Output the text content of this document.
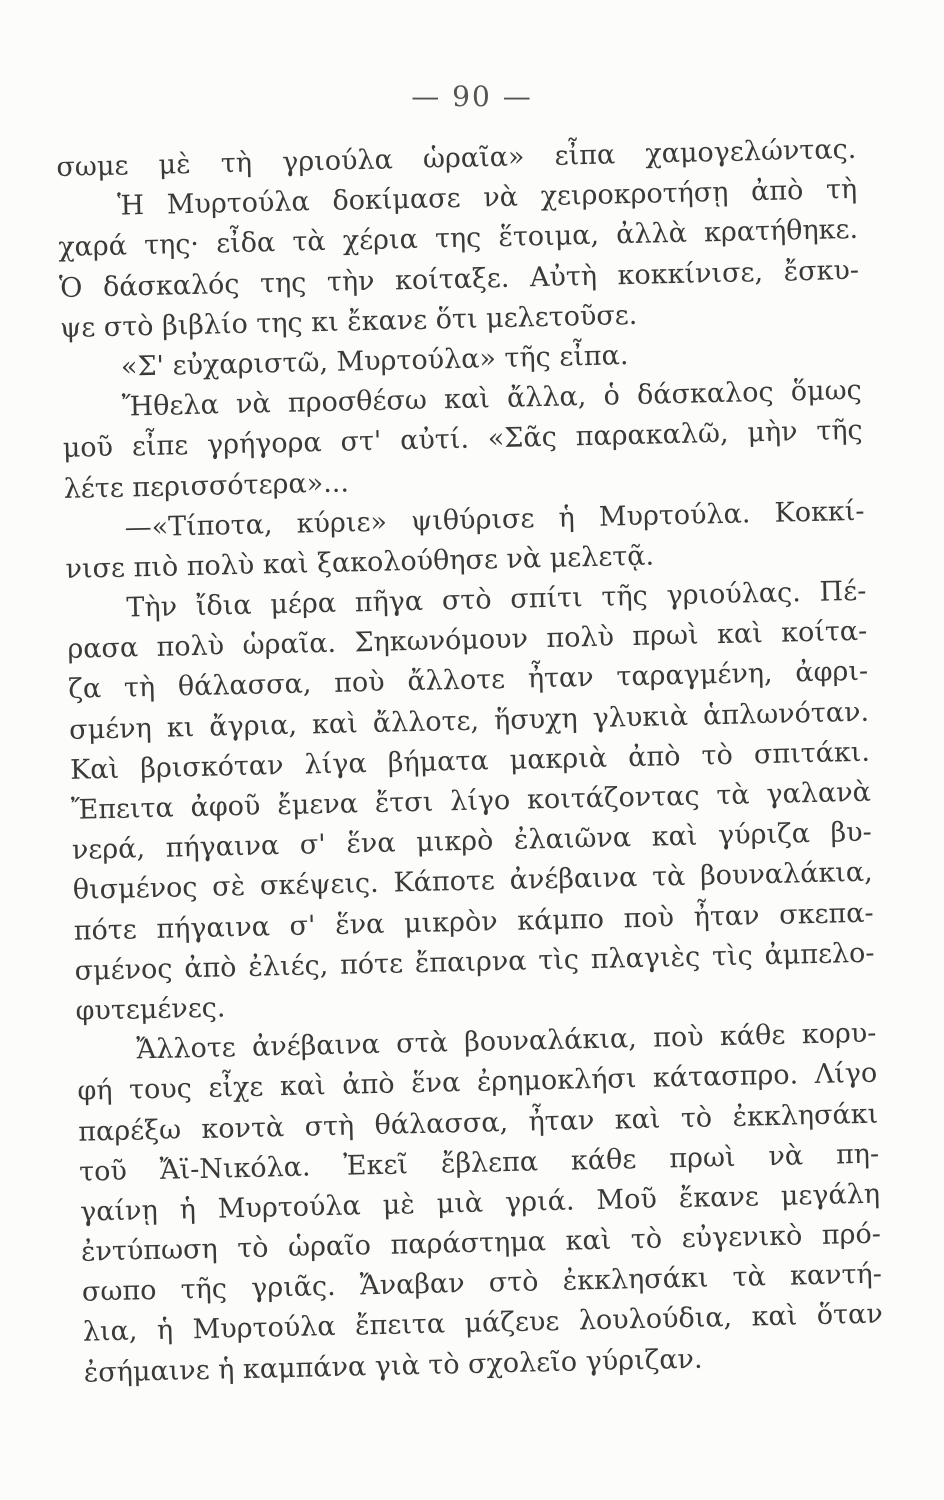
— 90 —
σωμε μὲ τὴ γριούλα ὡραῖα» εἶπα χαμογελώντας.
Ἡ Μυρτούλα δοκίμασε νὰ χειροκροτήσῃ ἀπὸ τὴ
χαρά της· εἶδα τὰ χέρια της ἕτοιμα, ἀλλὰ κρατήθηκε.
Ὁ δάσκαλός της τὴν κοίταξε. Αὐτὴ κοκκίνισε, ἔσκυ-
ψε στὸ βιβλίο της κι ἔκανε ὅτι μελετοῦσε.
«Σ' εὐχαριστῶ, Μυρτούλα» τῆς εἶπα.
Ἤθελα νὰ προσθέσω καὶ ἄλλα, ὁ δάσκαλος ὅμως
μοῦ εἶπε γρήγορα στ' αὐτί. «Σᾶς παρακαλῶ, μὴν τῆς
λέτε περισσότερα»...
—«Τίποτα, κύριε» ψιθύρισε ἡ Μυρτούλα. Κοκκί-
νισε πιὸ πολὺ καὶ ξακολούθησε νὰ μελετᾷ.
Τὴν ἴδια μέρα πῆγα στὸ σπίτι τῆς γριούλας. Πέ-
ρασα πολὺ ὡραῖα. Σηκωνόμουν πολὺ πρωὶ καὶ κοίτα-
ζα τὴ θάλασσα, ποὺ ἄλλοτε ἦταν ταραγμένη, ἀφρι-
σμένη κι ἄγρια, καὶ ἄλλοτε, ἥσυχη γλυκιὰ ἁπλωνόταν.
Καὶ βρισκόταν λίγα βήματα μακριὰ ἀπὸ τὸ σπιτάκι.
Ἔπειτα ἀφοῦ ἔμενα ἔτσι λίγο κοιτάζοντας τὰ γαλανὰ
νερά, πήγαινα σ' ἕνα μικρὸ ἐλαιῶνα καὶ γύριζα βυ-
θισμένος σὲ σκέψεις. Κάποτε ἀνέβαινα τὰ βουναλάκια,
πότε πήγαινα σ' ἕνα μικρὸν κάμπο ποὺ ἦταν σκεπα-
σμένος ἀπὸ ἐλιές, πότε ἔπαιρνα τὶς πλαγιὲς τὶς ἀμπελο-
φυτεμένες.
Ἄλλοτε ἀνέβαινα στὰ βουναλάκια, ποὺ κάθε κορυ-
φή τους εἶχε καὶ ἀπὸ ἕνα ἐρημοκλήσι κάτασπρο. Λίγο
παρέξω κοντὰ στὴ θάλασσα, ἦταν καὶ τὸ ἐκκλησάκι
τοῦ Ἄϊ-Νικόλα. Ἐκεῖ ἔβλεπα κάθε πρωὶ νὰ πη-
γαίνῃ ἡ Μυρτούλα μὲ μιὰ γριά. Μοῦ ἔκανε μεγάλη
ἐντύπωση τὸ ὡραῖο παράστημα καὶ τὸ εὐγενικὸ πρό-
σωπο τῆς γριᾶς. Ἄναβαν στὸ ἐκκλησάκι τὰ καντή-
λια, ἡ Μυρτούλα ἔπειτα μάζευε λουλούδια, καὶ ὅταν
ἐσήμαινε ἡ καμπάνα γιὰ τὸ σχολεῖο γύριζαν.
